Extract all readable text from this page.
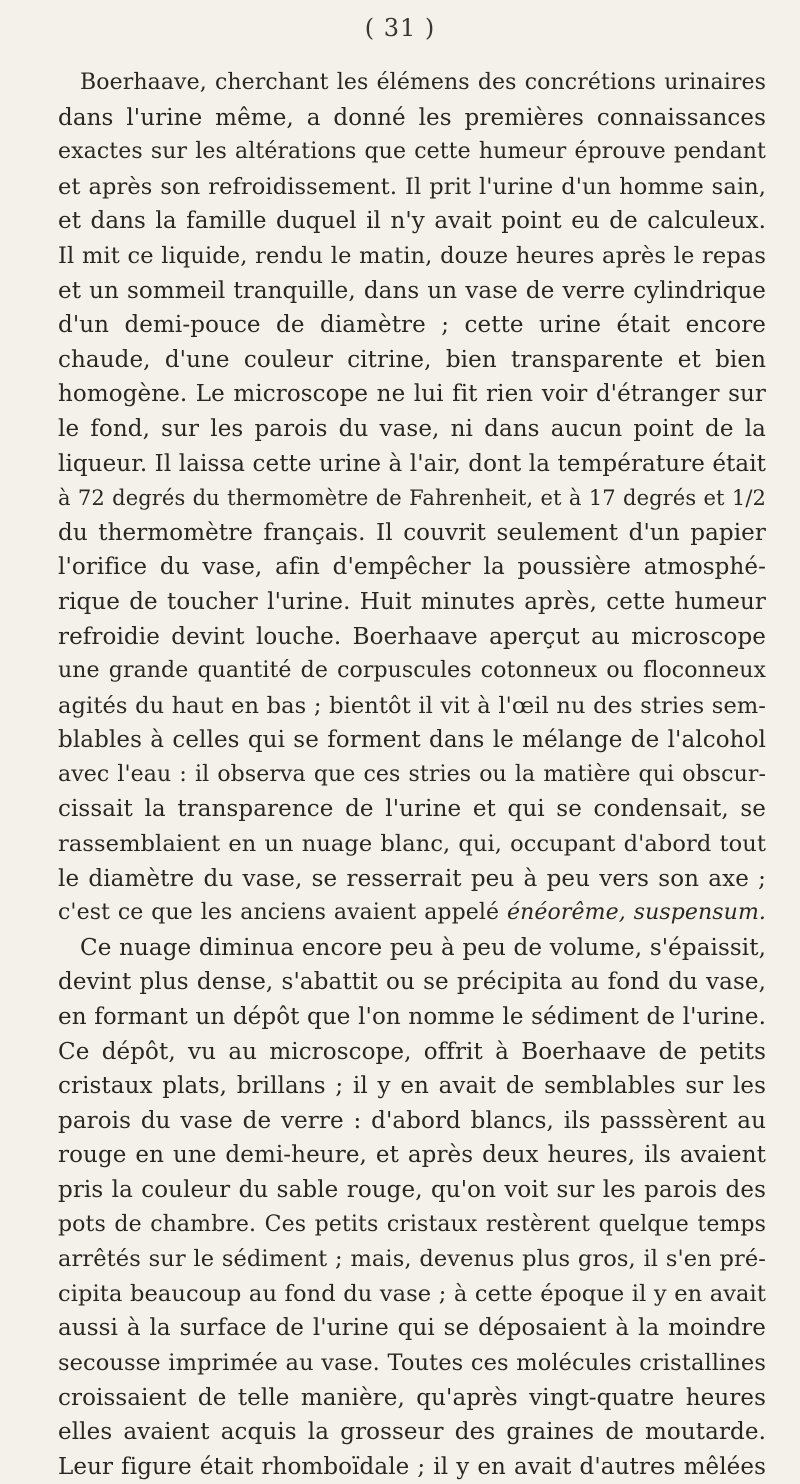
( 31 )
Boerhaave, cherchant les élémens des concrétions urinaires
dans l'urine même, a donné les premières connaissances
exactes sur les altérations que cette humeur éprouve pendant
et après son refroidissement. Il prit l'urine d'un homme sain,
et dans la famille duquel il n'y avait point eu de calculeux.
Il mit ce liquide, rendu le matin, douze heures après le repas
et un sommeil tranquille, dans un vase de verre cylindrique
d'un demi-pouce de diamètre ; cette urine était encore
chaude, d'une couleur citrine, bien transparente et bien
homogène. Le microscope ne lui fit rien voir d'étranger sur
le fond, sur les parois du vase, ni dans aucun point de la
liqueur. Il laissa cette urine à l'air, dont la température était
à 72 degrés du thermomètre de Fahrenheit, et à 17 degrés et 1/2
du thermomètre français. Il couvrit seulement d'un papier
l'orifice du vase, afin d'empêcher la poussière atmosphé-
rique de toucher l'urine. Huit minutes après, cette humeur
refroidie devint louche. Boerhaave aperçut au microscope
une grande quantité de corpuscules cotonneux ou floconneux
agités du haut en bas ; bientôt il vit à l'œil nu des stries sem-
blables à celles qui se forment dans le mélange de l'alcohol
avec l'eau : il observa que ces stries ou la matière qui obscur-
cissait la transparence de l'urine et qui se condensait, se
rassemblaient en un nuage blanc, qui, occupant d'abord tout
le diamètre du vase, se resserrait peu à peu vers son axe ;
c'est ce que les anciens avaient appelé énéorême, suspensum.
Ce nuage diminua encore peu à peu de volume, s'épaissit,
devint plus dense, s'abattit ou se précipita au fond du vase,
en formant un dépôt que l'on nomme le sédiment de l'urine.
Ce dépôt, vu au microscope, offrit à Boerhaave de petits
cristaux plats, brillans ; il y en avait de semblables sur les
parois du vase de verre : d'abord blancs, ils passsèrent au
rouge en une demi-heure, et après deux heures, ils avaient
pris la couleur du sable rouge, qu'on voit sur les parois des
pots de chambre. Ces petits cristaux restèrent quelque temps
arrêtés sur le sédiment ; mais, devenus plus gros, il s'en pré-
cipita beaucoup au fond du vase ; à cette époque il y en avait
aussi à la surface de l'urine qui se déposaient à la moindre
secousse imprimée au vase. Toutes ces molécules cristallines
croissaient de telle manière, qu'après vingt-quatre heures
elles avaient acquis la grosseur des graines de moutarde.
Leur figure était rhomboïdale ; il y en avait d'autres mêlées
